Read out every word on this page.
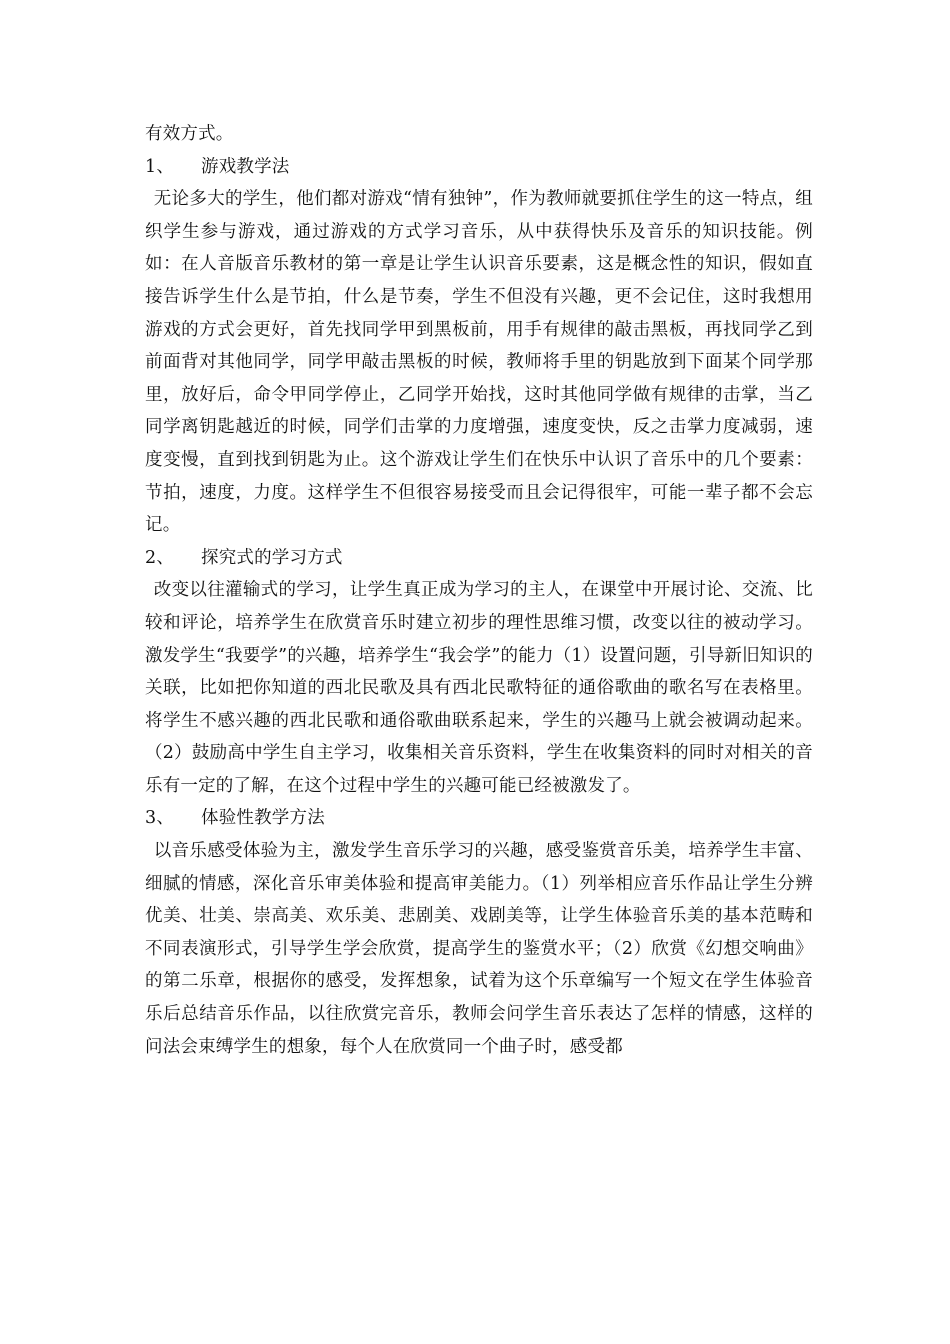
有效方式。

1、 游戏教学法

无论多大的学生，他们都对游戏“情有独钟”，作为教师就要抓住学生的这一特点，组织学生参与游戏，通过游戏的方式学习音乐，从中获得快乐及音乐的知识技能。例如：在人音版音乐教材的第一章是让学生认识音乐要素，这是概念性的知识，假如直接告诉学生什么是节拍，什么是节奏，学生不但没有兴趣，更不会记住，这时我想用游戏的方式会更好，首先找同学甲到黑板前，用手有规律的敲击黑板，再找同学乙到前面背对其他同学，同学甲敲击黑板的时候，教师将手里的钥匙放到下面某个同学那里，放好后，命令甲同学停止，乙同学开始找，这时其他同学做有规律的击掌，当乙同学离钥匙越近的时候，同学们击掌的力度增强，速度变快，反之击掌力度减弱，速度变慢，直到找到钥匙为止。这个游戏让学生们在快乐中认识了音乐中的几个要素：节拍，速度，力度。这样学生不但很容易接受而且会记得很牢，可能一辈子都不会忘记。

2、 探究式的学习方式

改变以往灌输式的学习，让学生真正成为学习的主人，在课堂中开展讨论、交流、比较和评论，培养学生在欣赏音乐时建立初步的理性思维习惯，改变以往的被动学习。激发学生“我要学”的兴趣，培养学生“我会学”的能力（1）设置问题，引导新旧知识的关联，比如把你知道的西北民歌及具有西北民歌特征的通俗歌曲的歌名写在表格里。将学生不感兴趣的西北民歌和通俗歌曲联系起来，学生的兴趣马上就会被调动起来。（2）鼓励高中学生自主学习，收集相关音乐资料，学生在收集资料的同时对相关的音乐有一定的了解，在这个过程中学生的兴趣可能已经被激发了。

3、 体验性教学方法

以音乐感受体验为主，激发学生音乐学习的兴趣，感受鉴赏音乐美，培养学生丰富、细腻的情感，深化音乐审美体验和提高审美能力。（1）列举相应音乐作品让学生分辨优美、壮美、崇高美、欢乐美、悲剧美、戏剧美等，让学生体验音乐美的基本范畴和不同表演形式，引导学生学会欣赏，提高学生的鉴赏水平；（2）欣赏《幻想交响曲》的第二乐章，根据你的感受，发挥想象，试着为这个乐章编写一个短文在学生体验音乐后总结音乐作品，以往欣赏完音乐，教师会问学生音乐表达了怎样的情感，这样的问法会束缚学生的想象，每个人在欣赏同一个曲子时，感受都
